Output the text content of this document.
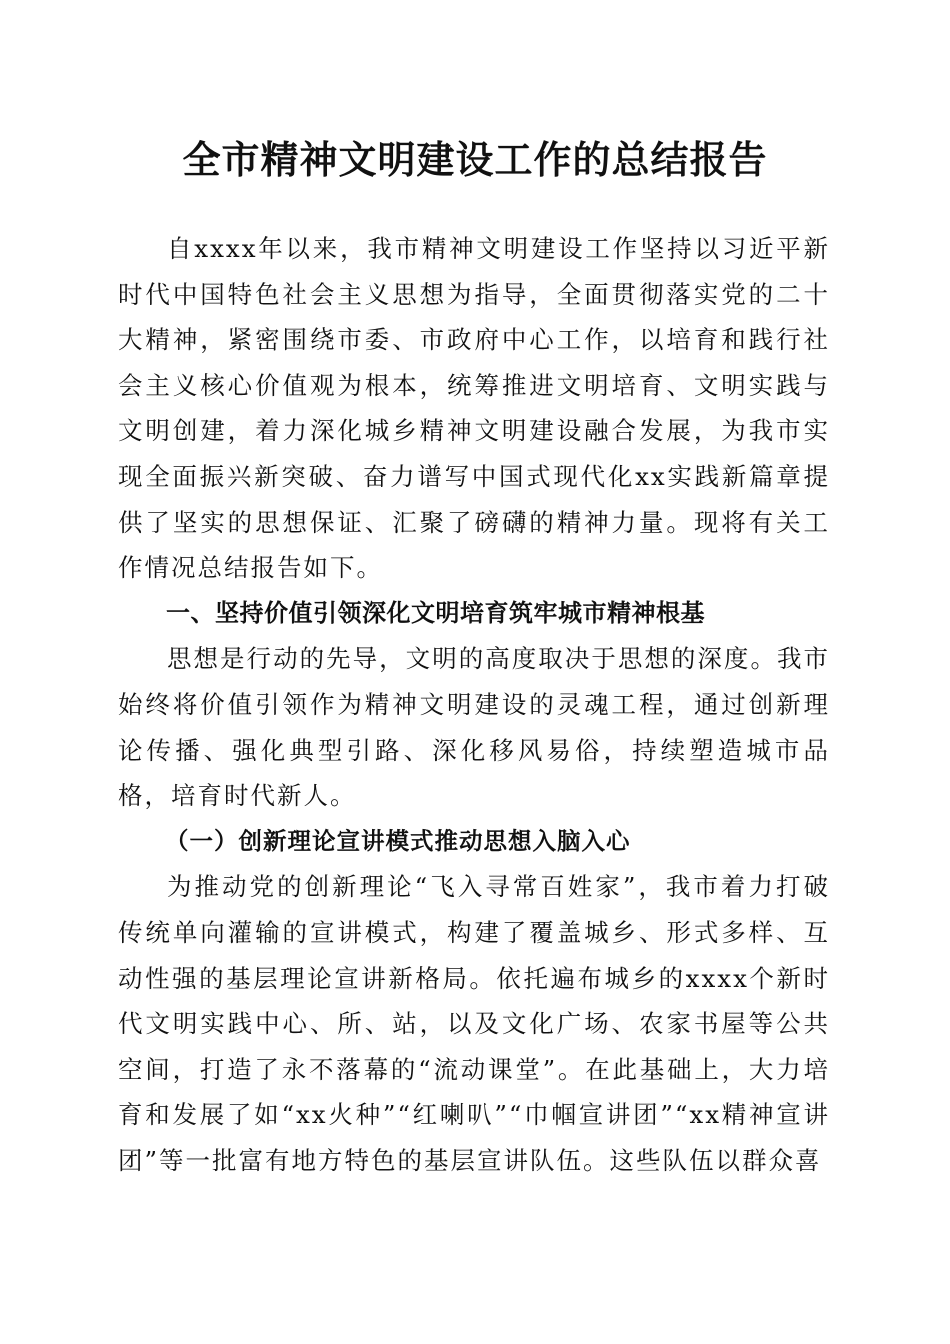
全市精神文明建设工作的总结报告

自xxxx年以来，我市精神文明建设工作坚持以习近平新时代中国特色社会主义思想为指导，全面贯彻落实党的二十大精神，紧密围绕市委、市政府中心工作，以培育和践行社会主义核心价值观为根本，统筹推进文明培育、文明实践与文明创建，着力深化城乡精神文明建设融合发展，为我市实现全面振兴新突破、奋力谱写中国式现代化xx实践新篇章提供了坚实的思想保证、汇聚了磅礴的精神力量。现将有关工作情况总结报告如下。

一、坚持价值引领深化文明培育筑牢城市精神根基

思想是行动的先导，文明的高度取决于思想的深度。我市始终将价值引领作为精神文明建设的灵魂工程，通过创新理论传播、强化典型引路、深化移风易俗，持续塑造城市品格，培育时代新人。

（一）创新理论宣讲模式推动思想入脑入心

为推动党的创新理论“飞入寻常百姓家”，我市着力打破传统单向灌输的宣讲模式，构建了覆盖城乡、形式多样、互动性强的基层理论宣讲新格局。依托遍布城乡的xxxx个新时代文明实践中心、所、站，以及文化广场、农家书屋等公共空间，打造了永不落幕的“流动课堂”。在此基础上，大力培育和发展了如“xx火种”“红喇叭”“巾帼宣讲团”“xx精神宣讲团”等一批富有地方特色的基层宣讲队伍。这些队伍以群众喜
